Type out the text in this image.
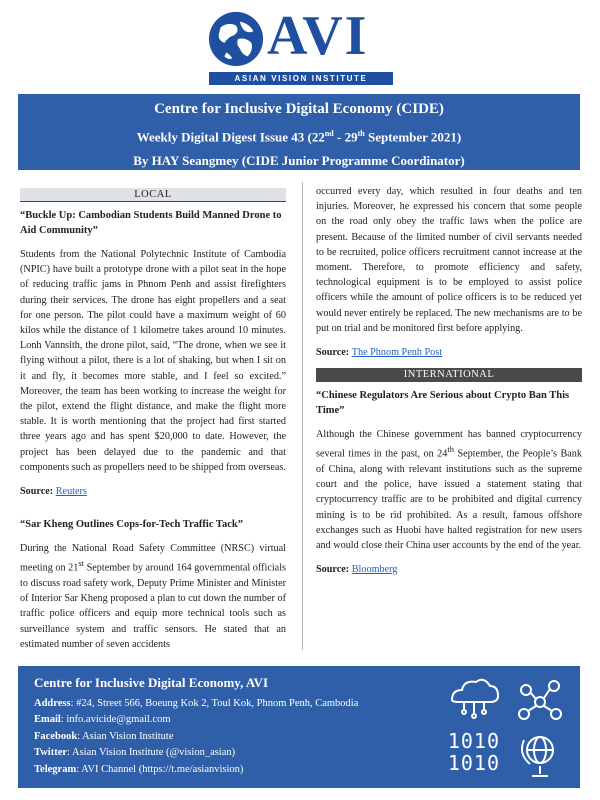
AVI
ASIAN VISION INSTITUTE
Centre for Inclusive Digital Economy (CIDE)
Weekly Digital Digest Issue 43 (22nd - 29th September 2021)
By HAY Seangmey (CIDE Junior Programme Coordinator)
LOCAL
“Buckle Up: Cambodian Students Build Manned Drone to Aid Community”

Students from the National Polytechnic Institute of Cambodia (NPIC) have built a prototype drone with a pilot seat in the hope of reducing traffic jams in Phnom Penh and assist firefighters during their services. The drone has eight propellers and a seat for one person. The pilot could have a maximum weight of 60 kilos while the distance of 1 kilometre takes around 10 minutes. Lonh Vannsith, the drone pilot, said, “The drone, when we see it flying without a pilot, there is a lot of shaking, but when I sit on it and fly, it becomes more stable, and I feel so excited.” Moreover, the team has been working to increase the weight for the pilot, extend the flight distance, and make the flight more stable. It is worth mentioning that the project had first started three years ago and has spent $20,000 to date. However, the project has been delayed due to the pandemic and that components such as propellers need to be shipped from overseas.

Source: Reuters
“Sar Kheng Outlines Cops-for-Tech Traffic Tack”

During the National Road Safety Committee (NRSC) virtual meeting on 21st September by around 164 governmental officials to discuss road safety work, Deputy Prime Minister and Minister of Interior Sar Kheng proposed a plan to cut down the number of traffic police officers and equip more technical tools such as surveillance system and traffic sensors. He stated that an estimated number of seven accidents

occurred every day, which resulted in four deaths and ten injuries. Moreover, he expressed his concern that some people on the road only obey the traffic laws when the police are present. Because of the limited number of civil servants needed to be recruited, police officers recruitment cannot increase at the moment. Therefore, to promote efficiency and safety, technological equipment is to be employed to assist police officers while the amount of police officers is to be reduced yet would never entirely be replaced. The new mechanisms are to be put on trial and be monitored first before applying.

Source: The Phnom Penh Post
INTERNATIONAL
“Chinese Regulators Are Serious about Crypto Ban This Time”

Although the Chinese government has banned cryptocurrency several times in the past, on 24th September, the People’s Bank of China, along with relevant institutions such as the supreme court and the police, have issued a statement stating that cryptocurrency traffic are to be prohibited and digital currency mining is to be rid prohibited. As a result, famous offshore exchanges such as Huobi have halted registration for new users and would close their China user accounts by the end of the year.

Source: Bloomberg
Centre for Inclusive Digital Economy, AVI
Address: #24, Street 566, Boeung Kok 2, Toul Kok, Phnom Penh, Cambodia
Email: info.avicide@gmail.com
Facebook: Asian Vision Institute
Twitter: Asian Vision Institute (@vision_asian)
Telegram: AVI Channel (https://t.me/asianvision)
1010
1010
